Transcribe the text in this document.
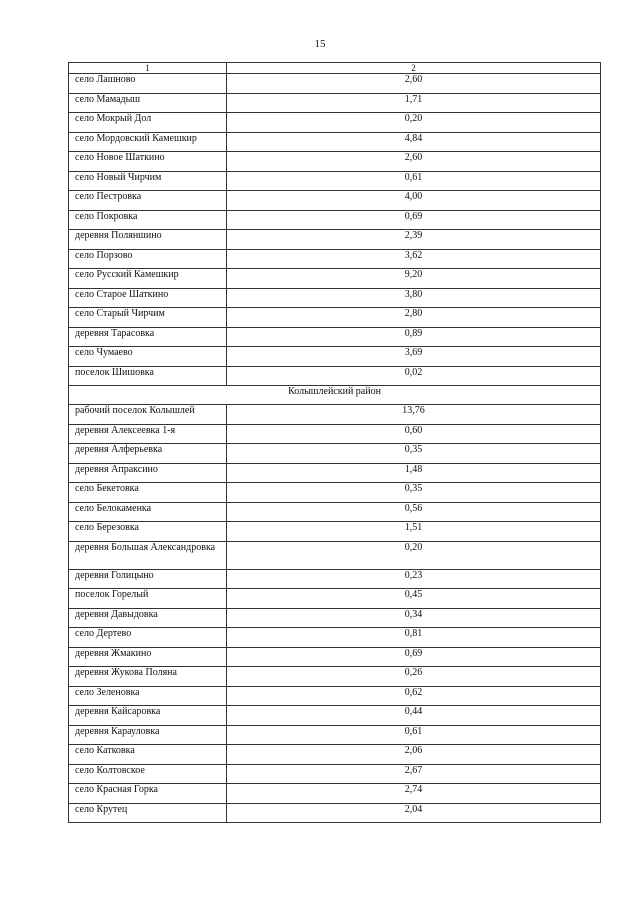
15
1	2
село Лашново	2,60
село Мамадыш	1,71
село Мокрый Дол	0,20
село Мордовский Камешкир	4,84
село Новое Шаткино	2,60
село Новый Чирчим	0,61
село Пестровка	4,00
село Покровка	0,69
деревня Поляншино	2,39
село Порзово	3,62
село Русский Камешкир	9,20
село Старое Шаткино	3,80
село Старый Чирчим	2,80
деревня Тарасовка	0,89
село Чумаево	3,69
поселок Шишовка	0,02
Колышлейский район	
рабочий поселок Колышлей	13,76
деревня Алексеевка 1-я	0,60
деревня Алферьевка	0,35
деревня Апраксино	1,48
село Бекетовка	0,35
село Белокаменка	0,56
село Березовка	1,51
деревня Большая Александровка	0,20
деревня Голицыно	0,23
поселок Горелый	0,45
деревня Давыдовка	0,34
село Дертево	0,81
деревня Жмакино	0,69
деревня Жукова Поляна	0,26
село Зеленовка	0,62
деревня Кайсаровка	0,44
деревня Карауловка	0,61
село Катковка	2,06
село Колтовское	2,67
село Красная Горка	2,74
село Крутец	2,04
